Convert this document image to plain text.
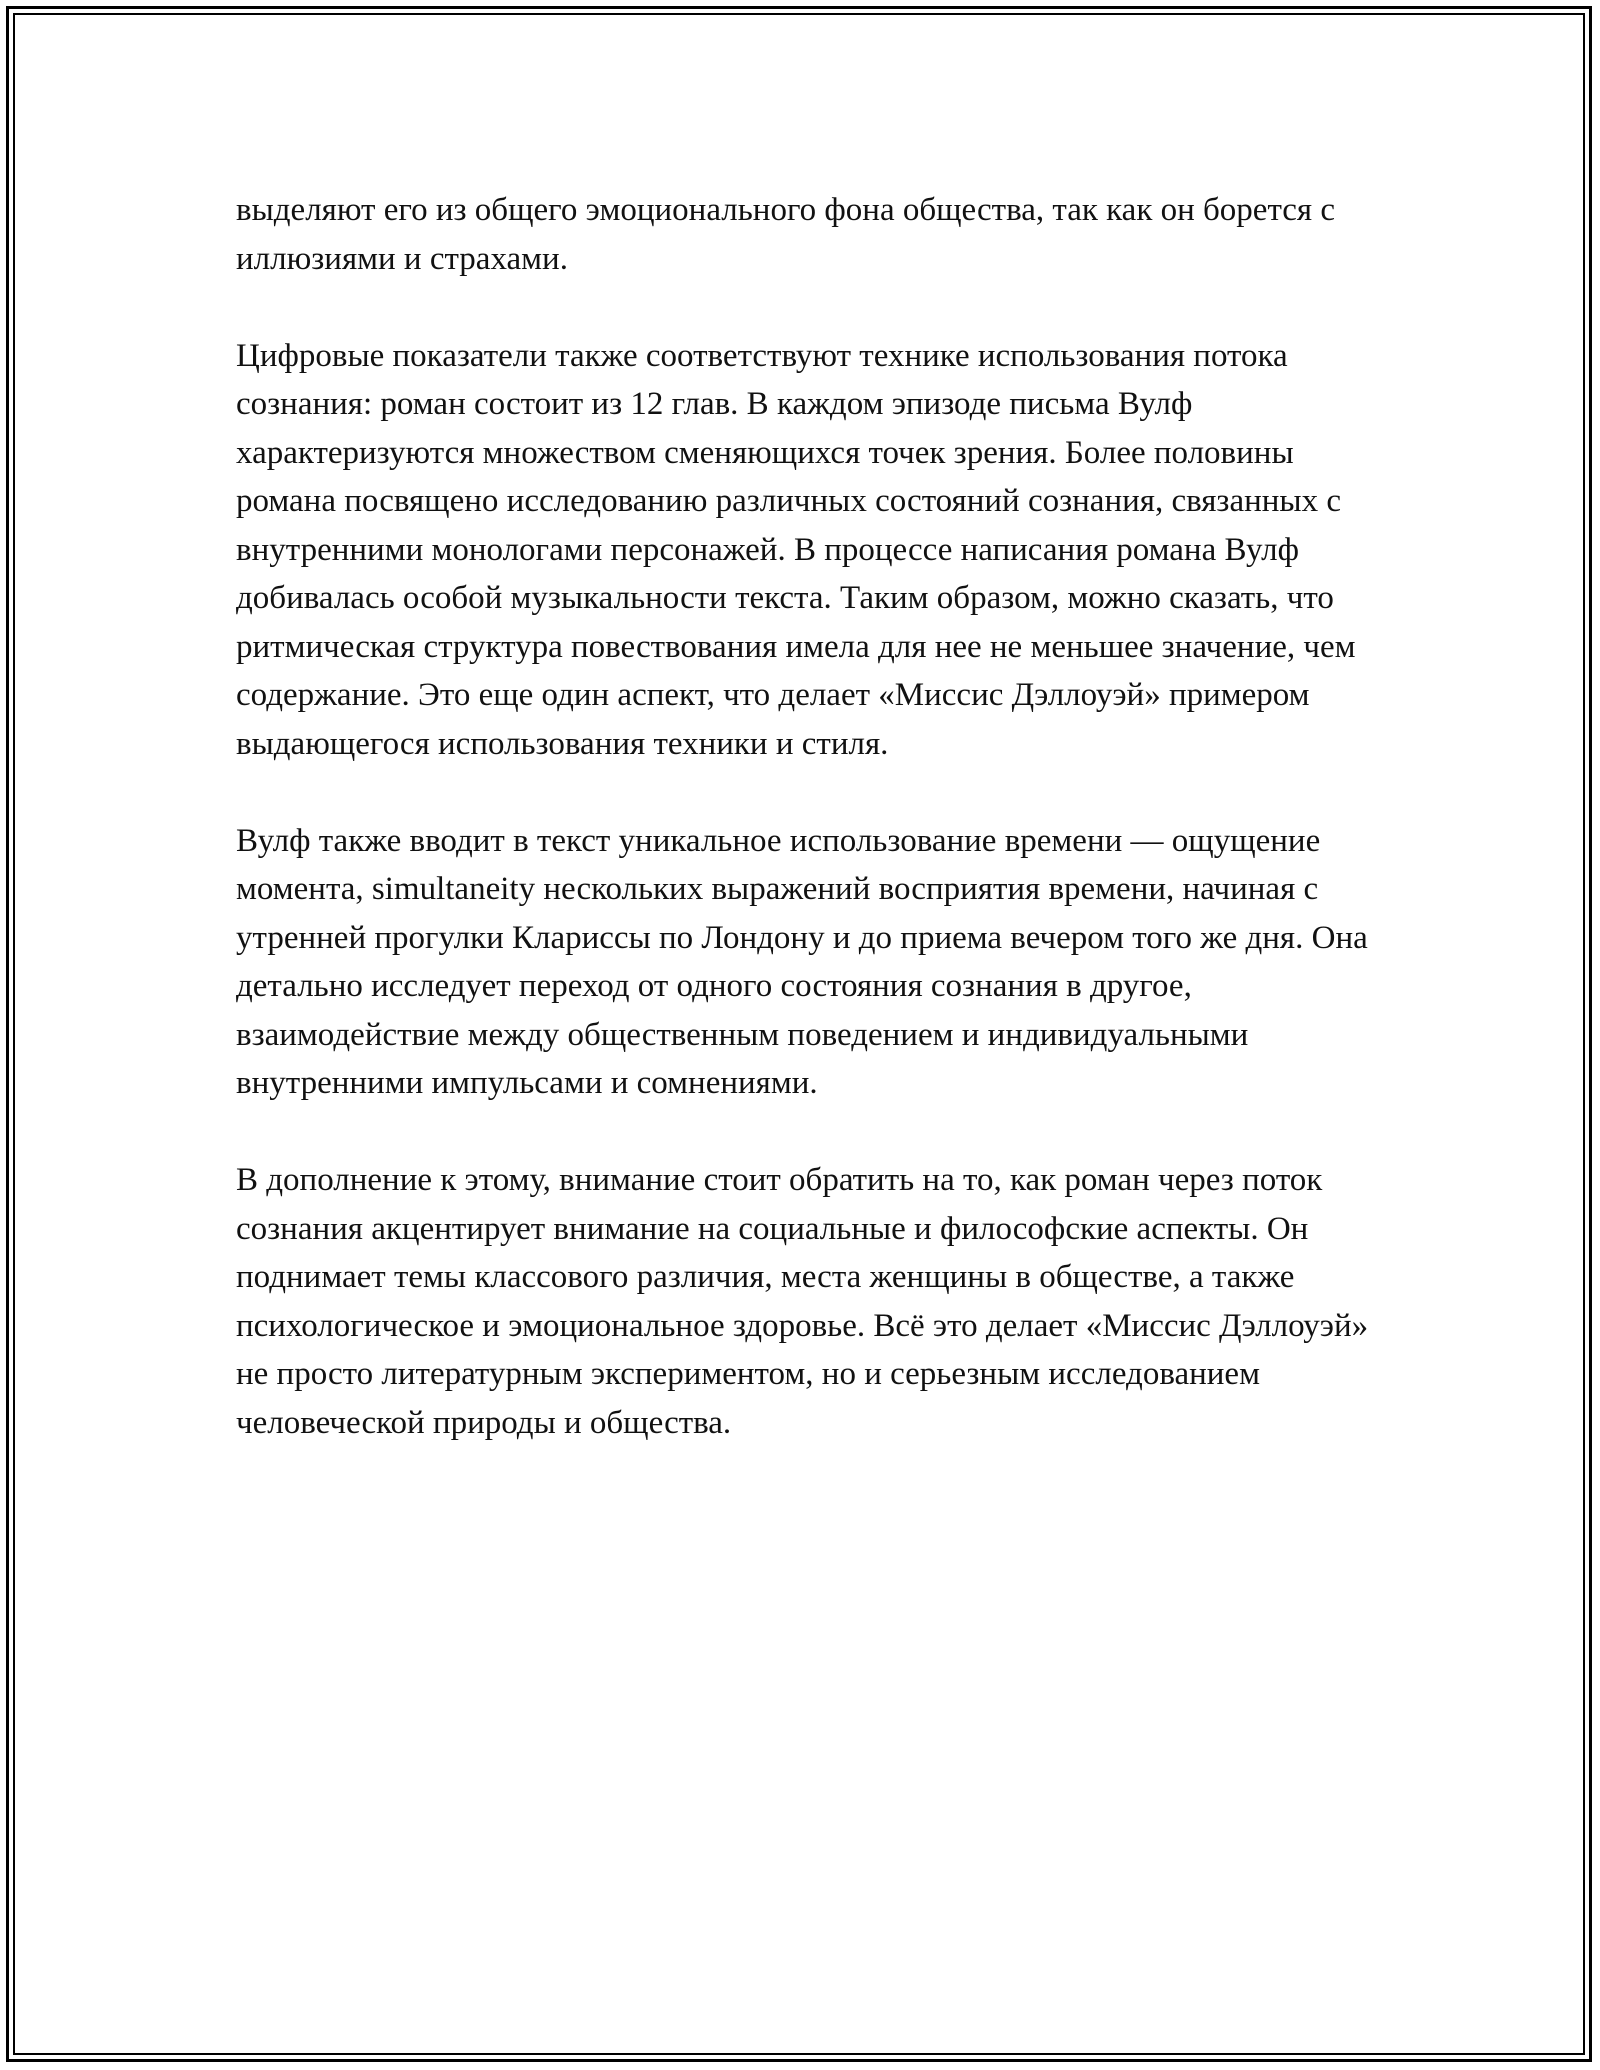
выделяют его из общего эмоционального фона общества, так как он борется с иллюзиями и страхами.

Цифровые показатели также соответствуют технике использования потока сознания: роман состоит из 12 глав. В каждом эпизоде письма Вулф характеризуются множеством сменяющихся точек зрения. Более половины романа посвящено исследованию различных состояний сознания, связанных с внутренними монологами персонажей. В процессе написания романа Вулф добивалась особой музыкальности текста. Таким образом, можно сказать, что ритмическая структура повествования имела для нее не меньшее значение, чем содержание. Это еще один аспект, что делает «Миссис Дэллоуэй» примером выдающегося использования техники и стиля.

Вулф также вводит в текст уникальное использование времени — ощущение момента, simultaneity нескольких выражений восприятия времени, начиная с утренней прогулки Клариссы по Лондону и до приема вечером того же дня. Она детально исследует переход от одного состояния сознания в другое, взаимодействие между общественным поведением и индивидуальными внутренними импульсами и сомнениями.

В дополнение к этому, внимание стоит обратить на то, как роман через поток сознания акцентирует внимание на социальные и философские аспекты. Он поднимает темы классового различия, места женщины в обществе, а также психологическое и эмоциональное здоровье. Всё это делает «Миссис Дэллоуэй» не просто литературным экспериментом, но и серьезным исследованием человеческой природы и общества.
